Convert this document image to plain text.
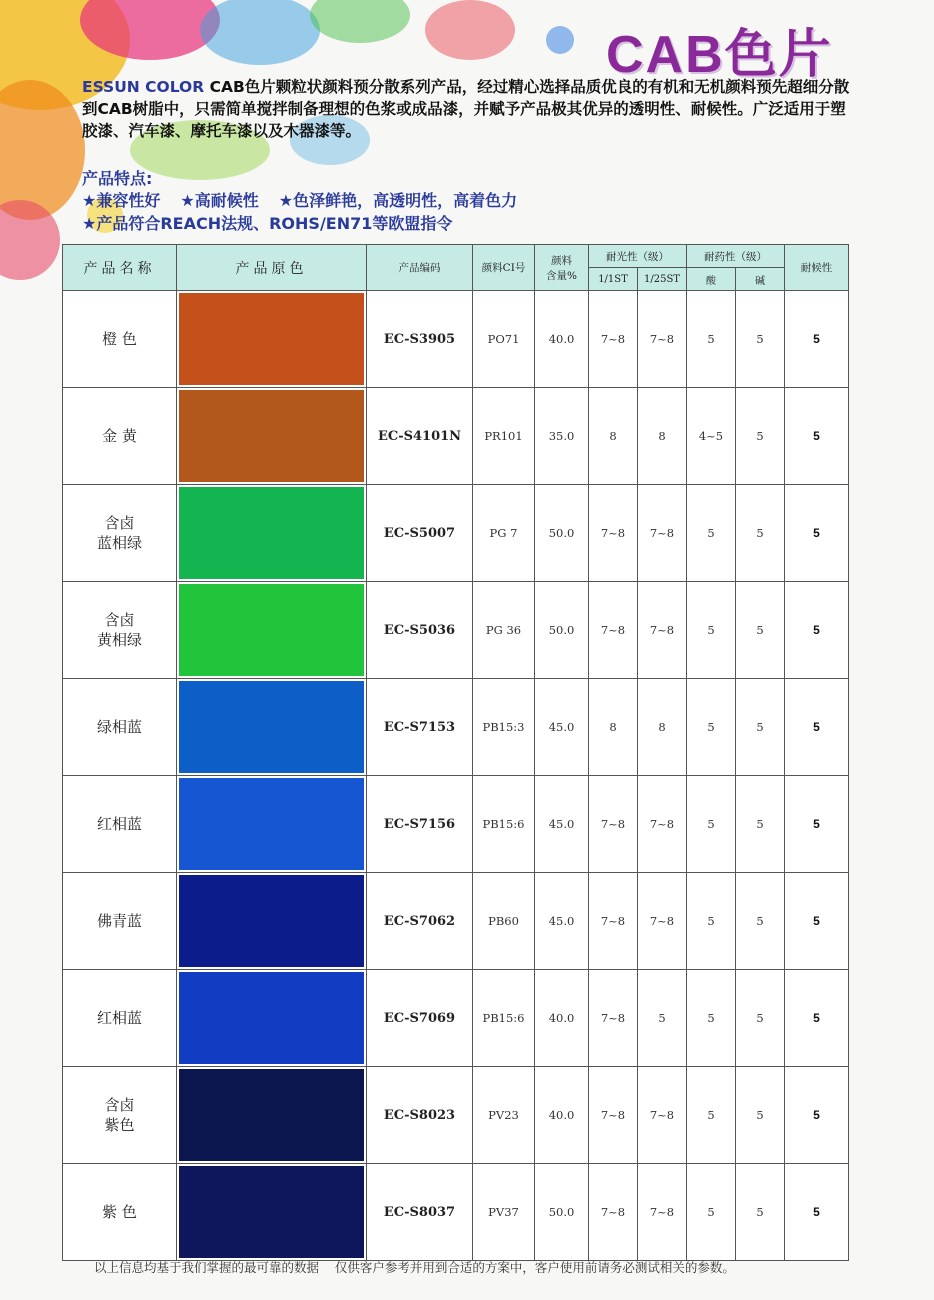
CAB色片
ESSUN COLOR CAB色片颗粒状颜料预分散系列产品，经过精心选择品质优良的有机和无机颜料预先超细分散到CAB树脂中，只需简单搅拌制备理想的色浆或成品漆，并赋予产品极其优异的透明性、耐候性。广泛适用于塑胶漆、汽车漆、摩托车漆以及木器漆等。
产品特点:
★兼容性好 ★高耐候性 ★色泽鲜艳，高透明性，高着色力
★产品符合REACH法规、ROHS/EN71等欧盟指令
产品名称	产品原色	产品编码	颜料CI号	颜料
含量%	耐光性（级）		耐药性（级）		耐候性
					1/1ST	1/25ST	酸	碱	
橙 色		EC-S3905	PO71	40.0	7~8	7~8	5	5	5
金 黄		EC-S4101N	PR101	35.0	8	8	4~5	5	5
含卤
蓝相绿		EC-S5007	PG 7	50.0	7~8	7~8	5	5	5
含卤
黄相绿		EC-S5036	PG 36	50.0	7~8	7~8	5	5	5
绿相蓝		EC-S7153	PB15:3	45.0	8	8	5	5	5
红相蓝		EC-S7156	PB15:6	45.0	7~8	7~8	5	5	5
佛青蓝		EC-S7062	PB60	45.0	7~8	7~8	5	5	5
红相蓝		EC-S7069	PB15:6	40.0	7~8	5	5	5	5
含卤
紫色		EC-S8023	PV23	40.0	7~8	7~8	5	5	5
紫 色		EC-S8037	PV37	50.0	7~8	7~8	5	5	5
以上信息均基于我们掌握的最可靠的数据    仅供客户参考并用到合适的方案中，客户使用前请务必测试相关的参数。
